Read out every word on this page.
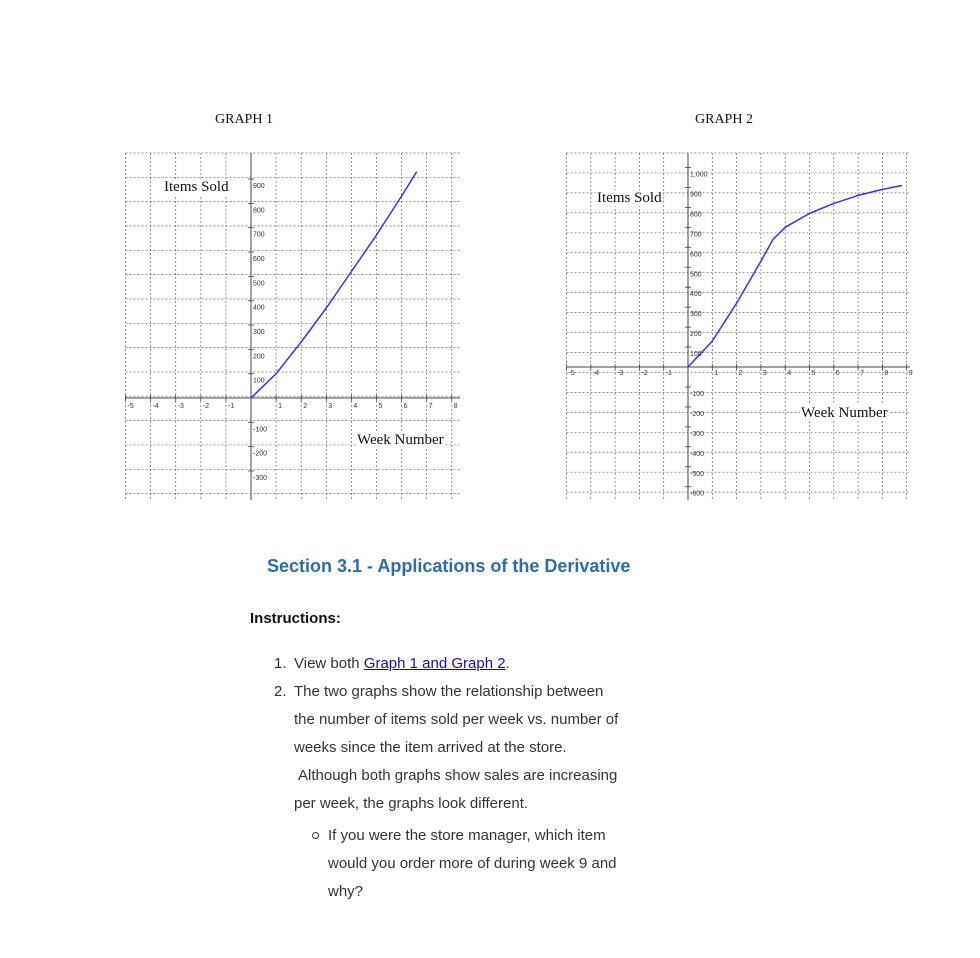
-5	-4	-3	-2	-1	1	2	3	4	5	6	7	8
900
800
700
600
500
400
300
200
100
-100
-200
-300
GRAPH 1
Items Sold
Week Number
-5	-4	-3	-2	-1	1	2	3	4	5	6	7	8	9
1,000
900
800
700
600
500
400
300
200
100
-100
-200
-300
-400
-500
-600
GRAPH 2
Items Sold
Week Number
Section 3.1 - Applications of the Derivative
Instructions:
1. View both Graph 1 and Graph 2.
2. The two graphs show the relationship between
the number of items sold per week vs. number of
weeks since the item arrived at the store.
Although both graphs show sales are increasing
per week, the graphs look different.
If you were the store manager, which item
would you order more of during week 9 and
why?
